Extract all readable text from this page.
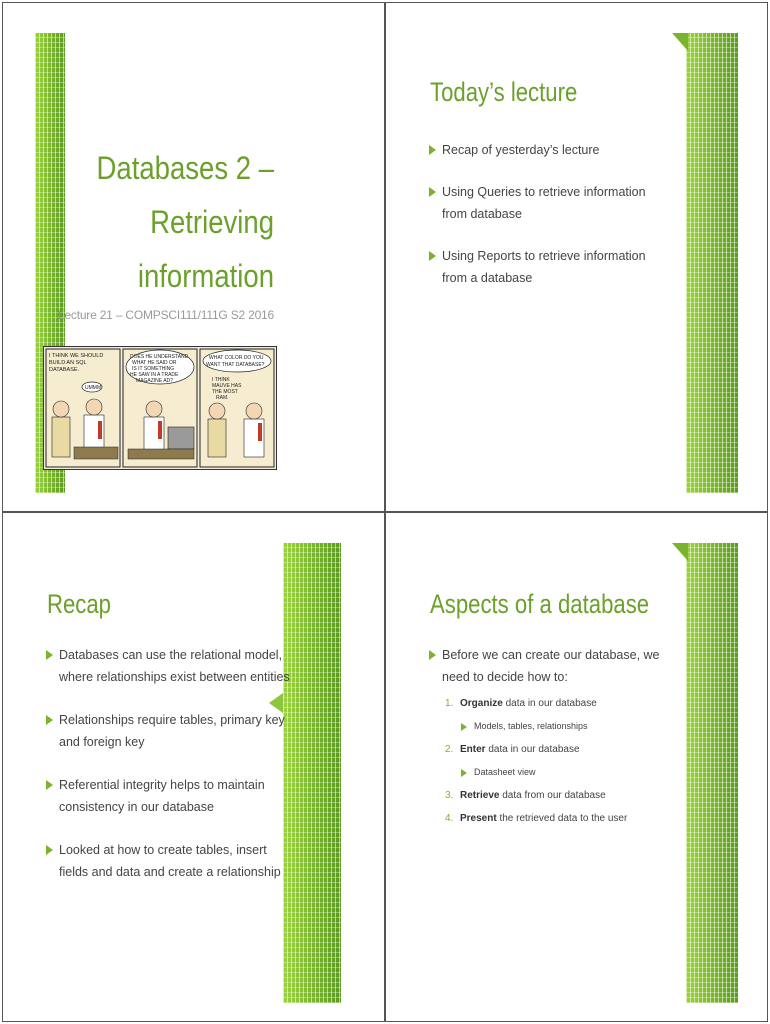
Databases 2 –
Retrieving
information
Lecture 21 – COMPSCI111/111G S2 2016
I THINK WE SHOULD
BUILD AN SQL
DATABASE.
UMMM
DOES HE UNDERSTAND
WHAT HE SAID OR
IS IT SOMETHING
HE SAW IN A TRADE
MAGAZINE AD?
WHAT COLOR DO YOU
WANT THAT DATABASE?
I THINK
MAUVE HAS
THE MOST
RAM.
Today’s lecture
Recap of yesterday’s lecture
Using Queries to retrieve information from database
Using Reports to retrieve information from a database
Recap
Databases can use the relational model, where relationships exist between entities
Relationships require tables, primary key and foreign key
Referential integrity helps to maintain consistency in our database
Looked at how to create tables, insert fields and data and create a relationship
Aspects of a database
Before we can create our database, we need to decide how to:
1. Organize data in our database
Models, tables, relationships
2. Enter data in our database
Datasheet view
3. Retrieve data from our database
4. Present the retrieved data to the user
